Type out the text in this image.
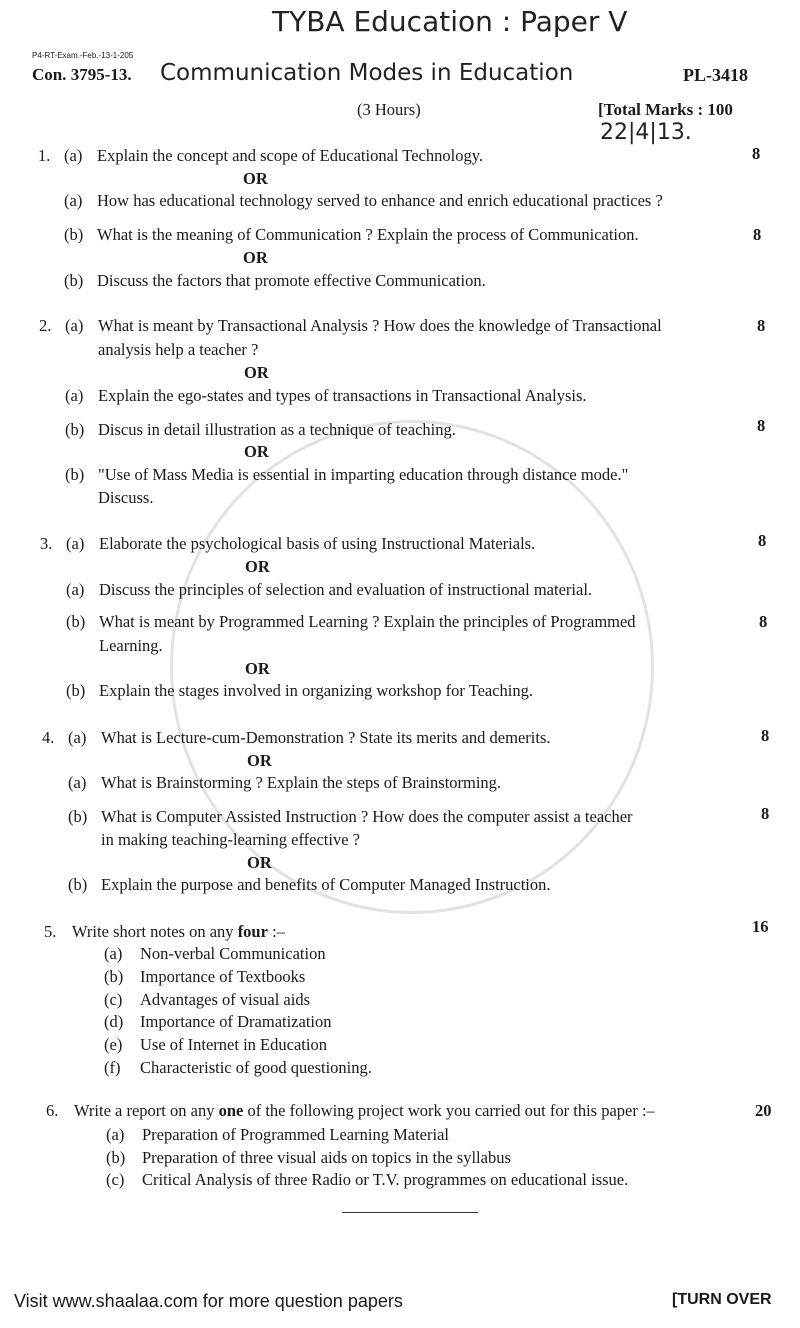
TYBA Education : Paper V
P4-RT-Exam.-Feb.-13-1-205
Con. 3795-13. Communication Modes in Education	PL-3418
(3 Hours)	[Total Marks : 100
22|4|13.
1. (a) Explain the concept and scope of Educational Technology.	8
OR
(a) How has educational technology served to enhance and enrich educational practices ?
(b) What is the meaning of Communication ? Explain the process of Communication.	8
OR
(b) Discuss the factors that promote effective Communication.
2. (a) What is meant by Transactional Analysis ? How does the knowledge of Transactional	8
analysis help a teacher ?
OR
(a) Explain the ego-states and types of transactions in Transactional Analysis.
(b) Discus in detail illustration as a technique of teaching.	8
OR
(b) "Use of Mass Media is essential in imparting education through distance mode."
Discuss.
3. (a) Elaborate the psychological basis of using Instructional Materials.	8
OR
(a) Discuss the principles of selection and evaluation of instructional material.
(b) What is meant by Programmed Learning ? Explain the principles of Programmed	8
Learning.
OR
(b) Explain the stages involved in organizing workshop for Teaching.
4. (a) What is Lecture-cum-Demonstration ? State its merits and demerits.	8
OR
(a) What is Brainstorming ? Explain the steps of Brainstorming.
(b) What is Computer Assisted Instruction ? How does the computer assist a teacher	8
in making teaching-learning effective ?
OR
(b) Explain the purpose and benefits of Computer Managed Instruction.
5. Write short notes on any four :–	16
(a) Non-verbal Communication
(b) Importance of Textbooks
(c) Advantages of visual aids
(d) Importance of Dramatization
(e) Use of Internet in Education
(f) Characteristic of good questioning.
6. Write a report on any one of the following project work you carried out for this paper :–	20
(a) Preparation of Programmed Learning Material
(b) Preparation of three visual aids on topics in the syllabus
(c) Critical Analysis of three Radio or T.V. programmes on educational issue.
Visit www.shaalaa.com for more question papers	[TURN OVER
